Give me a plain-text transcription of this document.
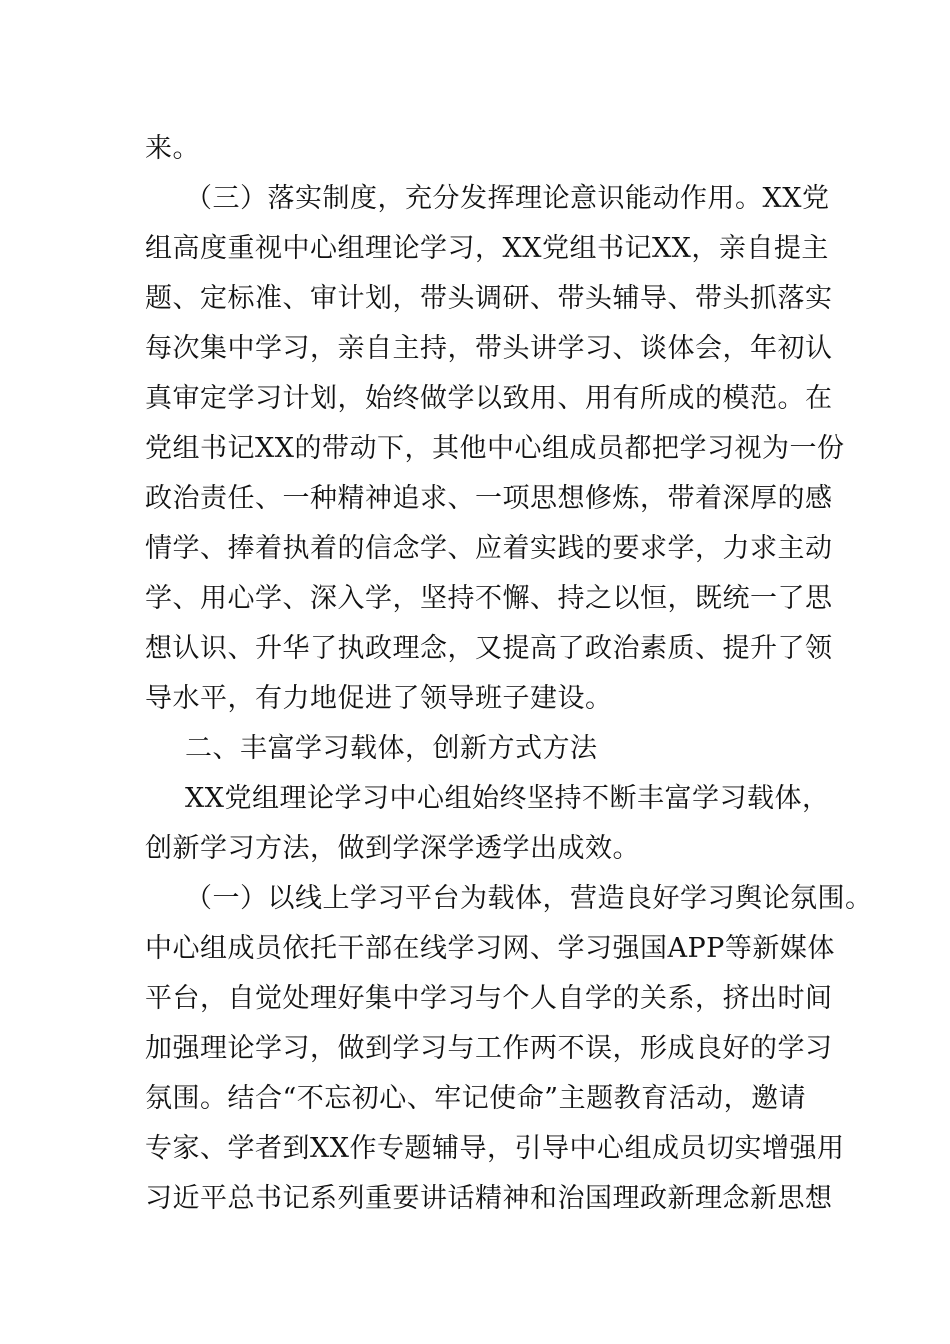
来。
（三）落实制度，充分发挥理论意识能动作用。XX党
组高度重视中心组理论学习，XX党组书记XX，亲自提主
题、定标准、审计划，带头调研、带头辅导、带头抓落实
每次集中学习，亲自主持，带头讲学习、谈体会，年初认
真审定学习计划，始终做学以致用、用有所成的模范。在
党组书记XX的带动下，其他中心组成员都把学习视为一份
政治责任、一种精神追求、一项思想修炼，带着深厚的感
情学、捧着执着的信念学、应着实践的要求学，力求主动
学、用心学、深入学，坚持不懈、持之以恒，既统一了思
想认识、升华了执政理念，又提高了政治素质、提升了领
导水平，有力地促进了领导班子建设。
二、丰富学习载体，创新方式方法
XX党组理论学习中心组始终坚持不断丰富学习载体，
创新学习方法，做到学深学透学出成效。
（一）以线上学习平台为载体，营造良好学习舆论氛围。
中心组成员依托干部在线学习网、学习强国APP等新媒体
平台，自觉处理好集中学习与个人自学的关系，挤出时间
加强理论学习，做到学习与工作两不误，形成良好的学习
氛围。结合“不忘初心、牢记使命”主题教育活动，邀请
专家、学者到XX作专题辅导，引导中心组成员切实增强用
习近平总书记系列重要讲话精神和治国理政新理念新思想
